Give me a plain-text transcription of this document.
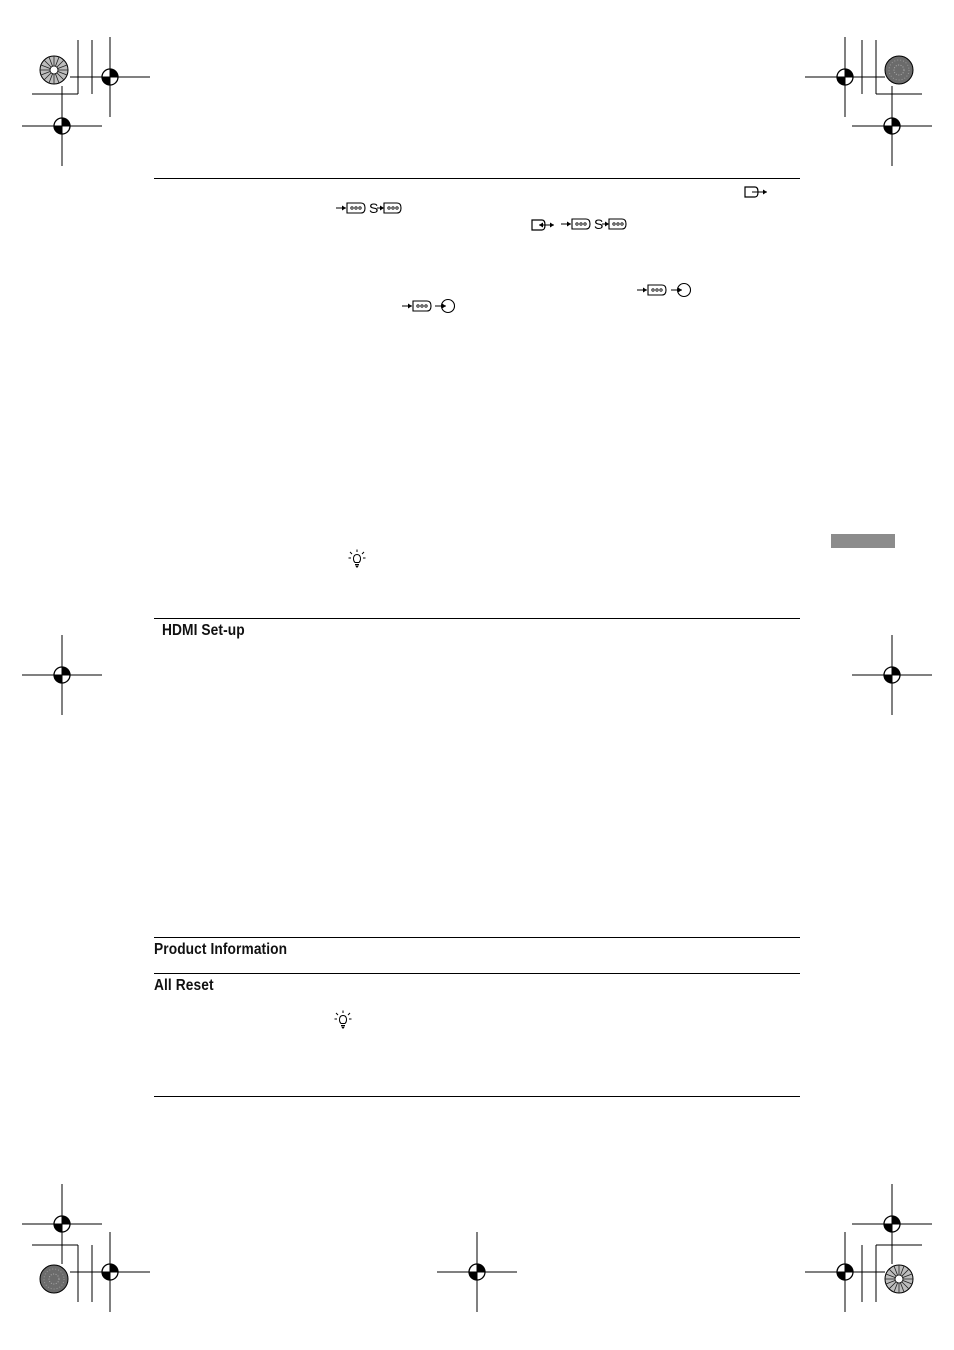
HDMI Set-up
Product Information
All Reset
S
S
